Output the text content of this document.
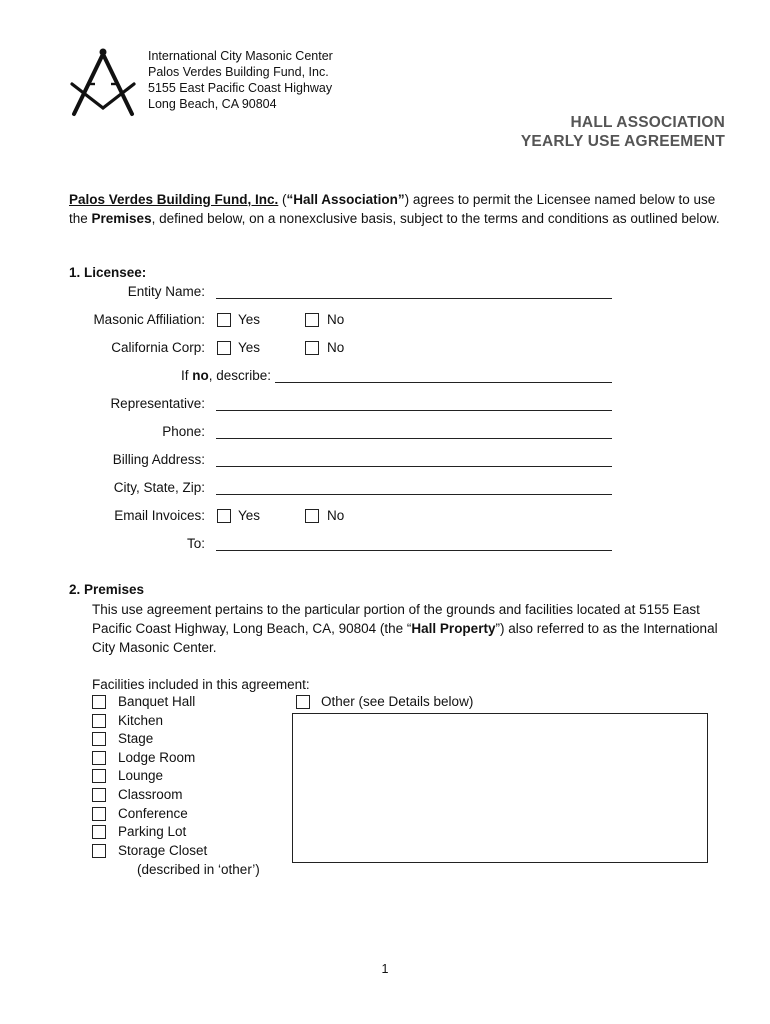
International City Masonic Center
Palos Verdes Building Fund, Inc.
5155 East Pacific Coast Highway
Long Beach, CA 90804
HALL ASSOCIATION
YEARLY USE AGREEMENT
Palos Verdes Building Fund, Inc. (“Hall Association”) agrees to permit the Licensee named below to use the Premises, defined below, on a nonexclusive basis, subject to the terms and conditions as outlined below.
1. Licensee:
Entity Name:
Masonic Affiliation: Yes	No
California Corp: Yes	No
If no, describe:
Representative:
Phone:
Billing Address:
City, State, Zip:
Email Invoices: Yes	No
To:
2. Premises
This use agreement pertains to the particular portion of the grounds and facilities located at 5155 East Pacific Coast Highway, Long Beach, CA, 90804 (the “Hall Property”) also referred to as the International City Masonic Center.
Facilities included in this agreement:
Banquet Hall
Kitchen
Stage
Lodge Room
Lounge
Classroom
Conference
Parking Lot
Storage Closet
(described in ‘other’)
Other (see Details below)
1
